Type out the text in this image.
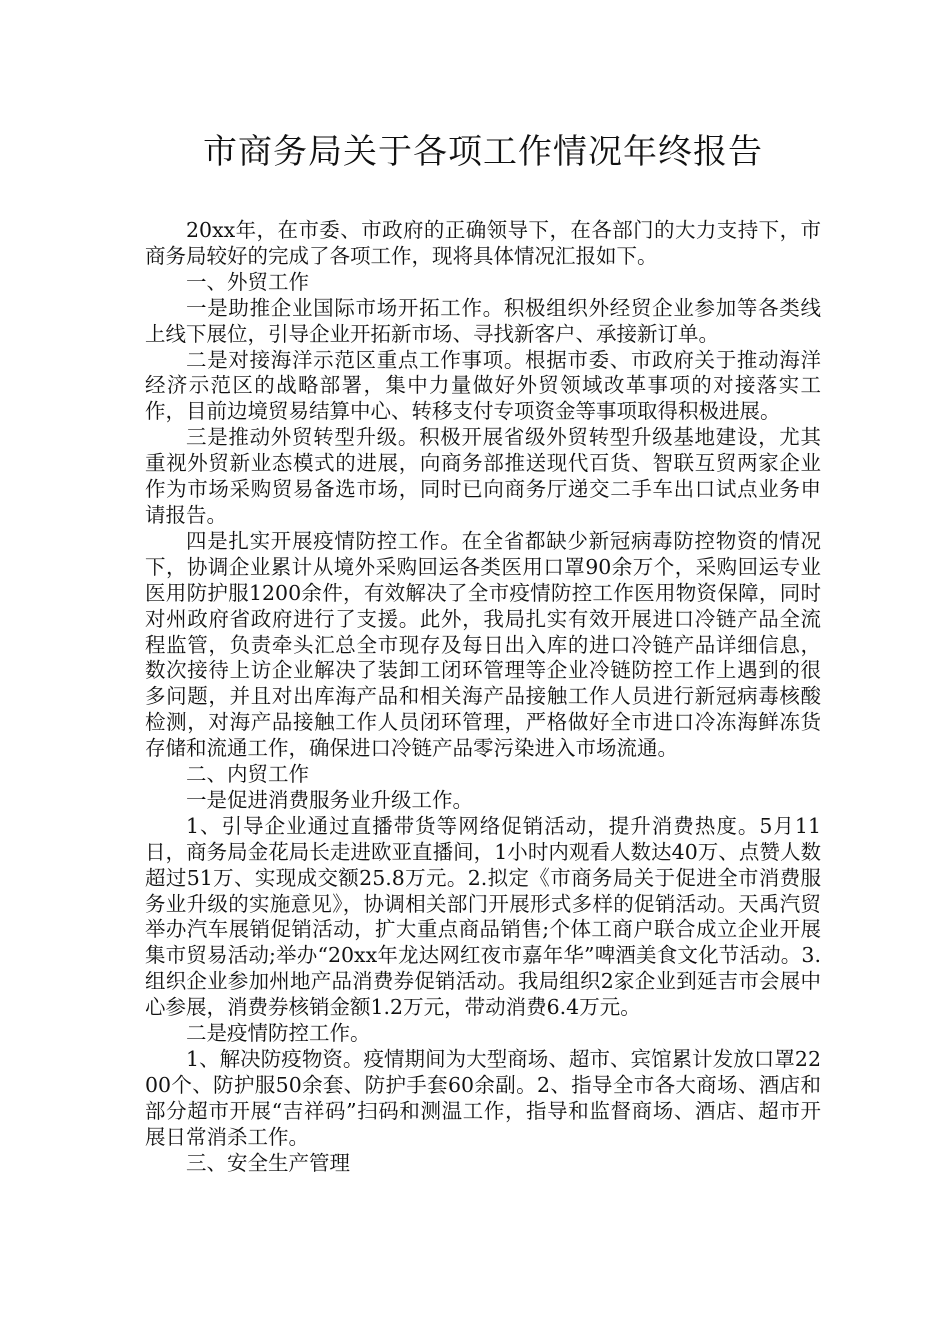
市商务局关于各项工作情况年终报告

20xx年，在市委、市政府的正确领导下，在各部门的大力支持下，市商务局较好的完成了各项工作，现将具体情况汇报如下。

一、外贸工作

一是助推企业国际市场开拓工作。积极组织外经贸企业参加等各类线上线下展位，引导企业开拓新市场、寻找新客户、承接新订单。

二是对接海洋示范区重点工作事项。根据市委、市政府关于推动海洋经济示范区的战略部署，集中力量做好外贸领域改革事项的对接落实工作，目前边境贸易结算中心、转移支付专项资金等事项取得积极进展。

三是推动外贸转型升级。积极开展省级外贸转型升级基地建设，尤其重视外贸新业态模式的进展，向商务部推送现代百货、智联互贸两家企业作为市场采购贸易备选市场，同时已向商务厅递交二手车出口试点业务申请报告。

四是扎实开展疫情防控工作。在全省都缺少新冠病毒防控物资的情况下，协调企业累计从境外采购回运各类医用口罩90余万个，采购回运专业医用防护服1200余件，有效解决了全市疫情防控工作医用物资保障，同时对州政府省政府进行了支援。此外，我局扎实有效开展进口冷链产品全流程监管，负责牵头汇总全市现存及每日出入库的进口冷链产品详细信息，数次接待上访企业解决了装卸工闭环管理等企业冷链防控工作上遇到的很多问题，并且对出库海产品和相关海产品接触工作人员进行新冠病毒核酸检测，对海产品接触工作人员闭环管理，严格做好全市进口冷冻海鲜冻货存储和流通工作，确保进口冷链产品零污染进入市场流通。

二、内贸工作

一是促进消费服务业升级工作。

1、引导企业通过直播带货等网络促销活动，提升消费热度。5月11日，商务局金花局长走进欧亚直播间，1小时内观看人数达40万、点赞人数超过51万、实现成交额25.8万元。2.拟定《市商务局关于促进全市消费服务业升级的实施意见》，协调相关部门开展形式多样的促销活动。天禹汽贸举办汽车展销促销活动，扩大重点商品销售;个体工商户联合成立企业开展集市贸易活动;举办“20xx年龙达网红夜市嘉年华”啤酒美食文化节活动。3.组织企业参加州地产品消费券促销活动。我局组织2家企业到延吉市会展中心参展，消费券核销金额1.2万元，带动消费6.4万元。

二是疫情防控工作。

1、解决防疫物资。疫情期间为大型商场、超市、宾馆累计发放口罩2200个、防护服50余套、防护手套60余副。2、指导全市各大商场、酒店和部分超市开展“吉祥码”扫码和测温工作，指导和监督商场、酒店、超市开展日常消杀工作。

三、安全生产管理
